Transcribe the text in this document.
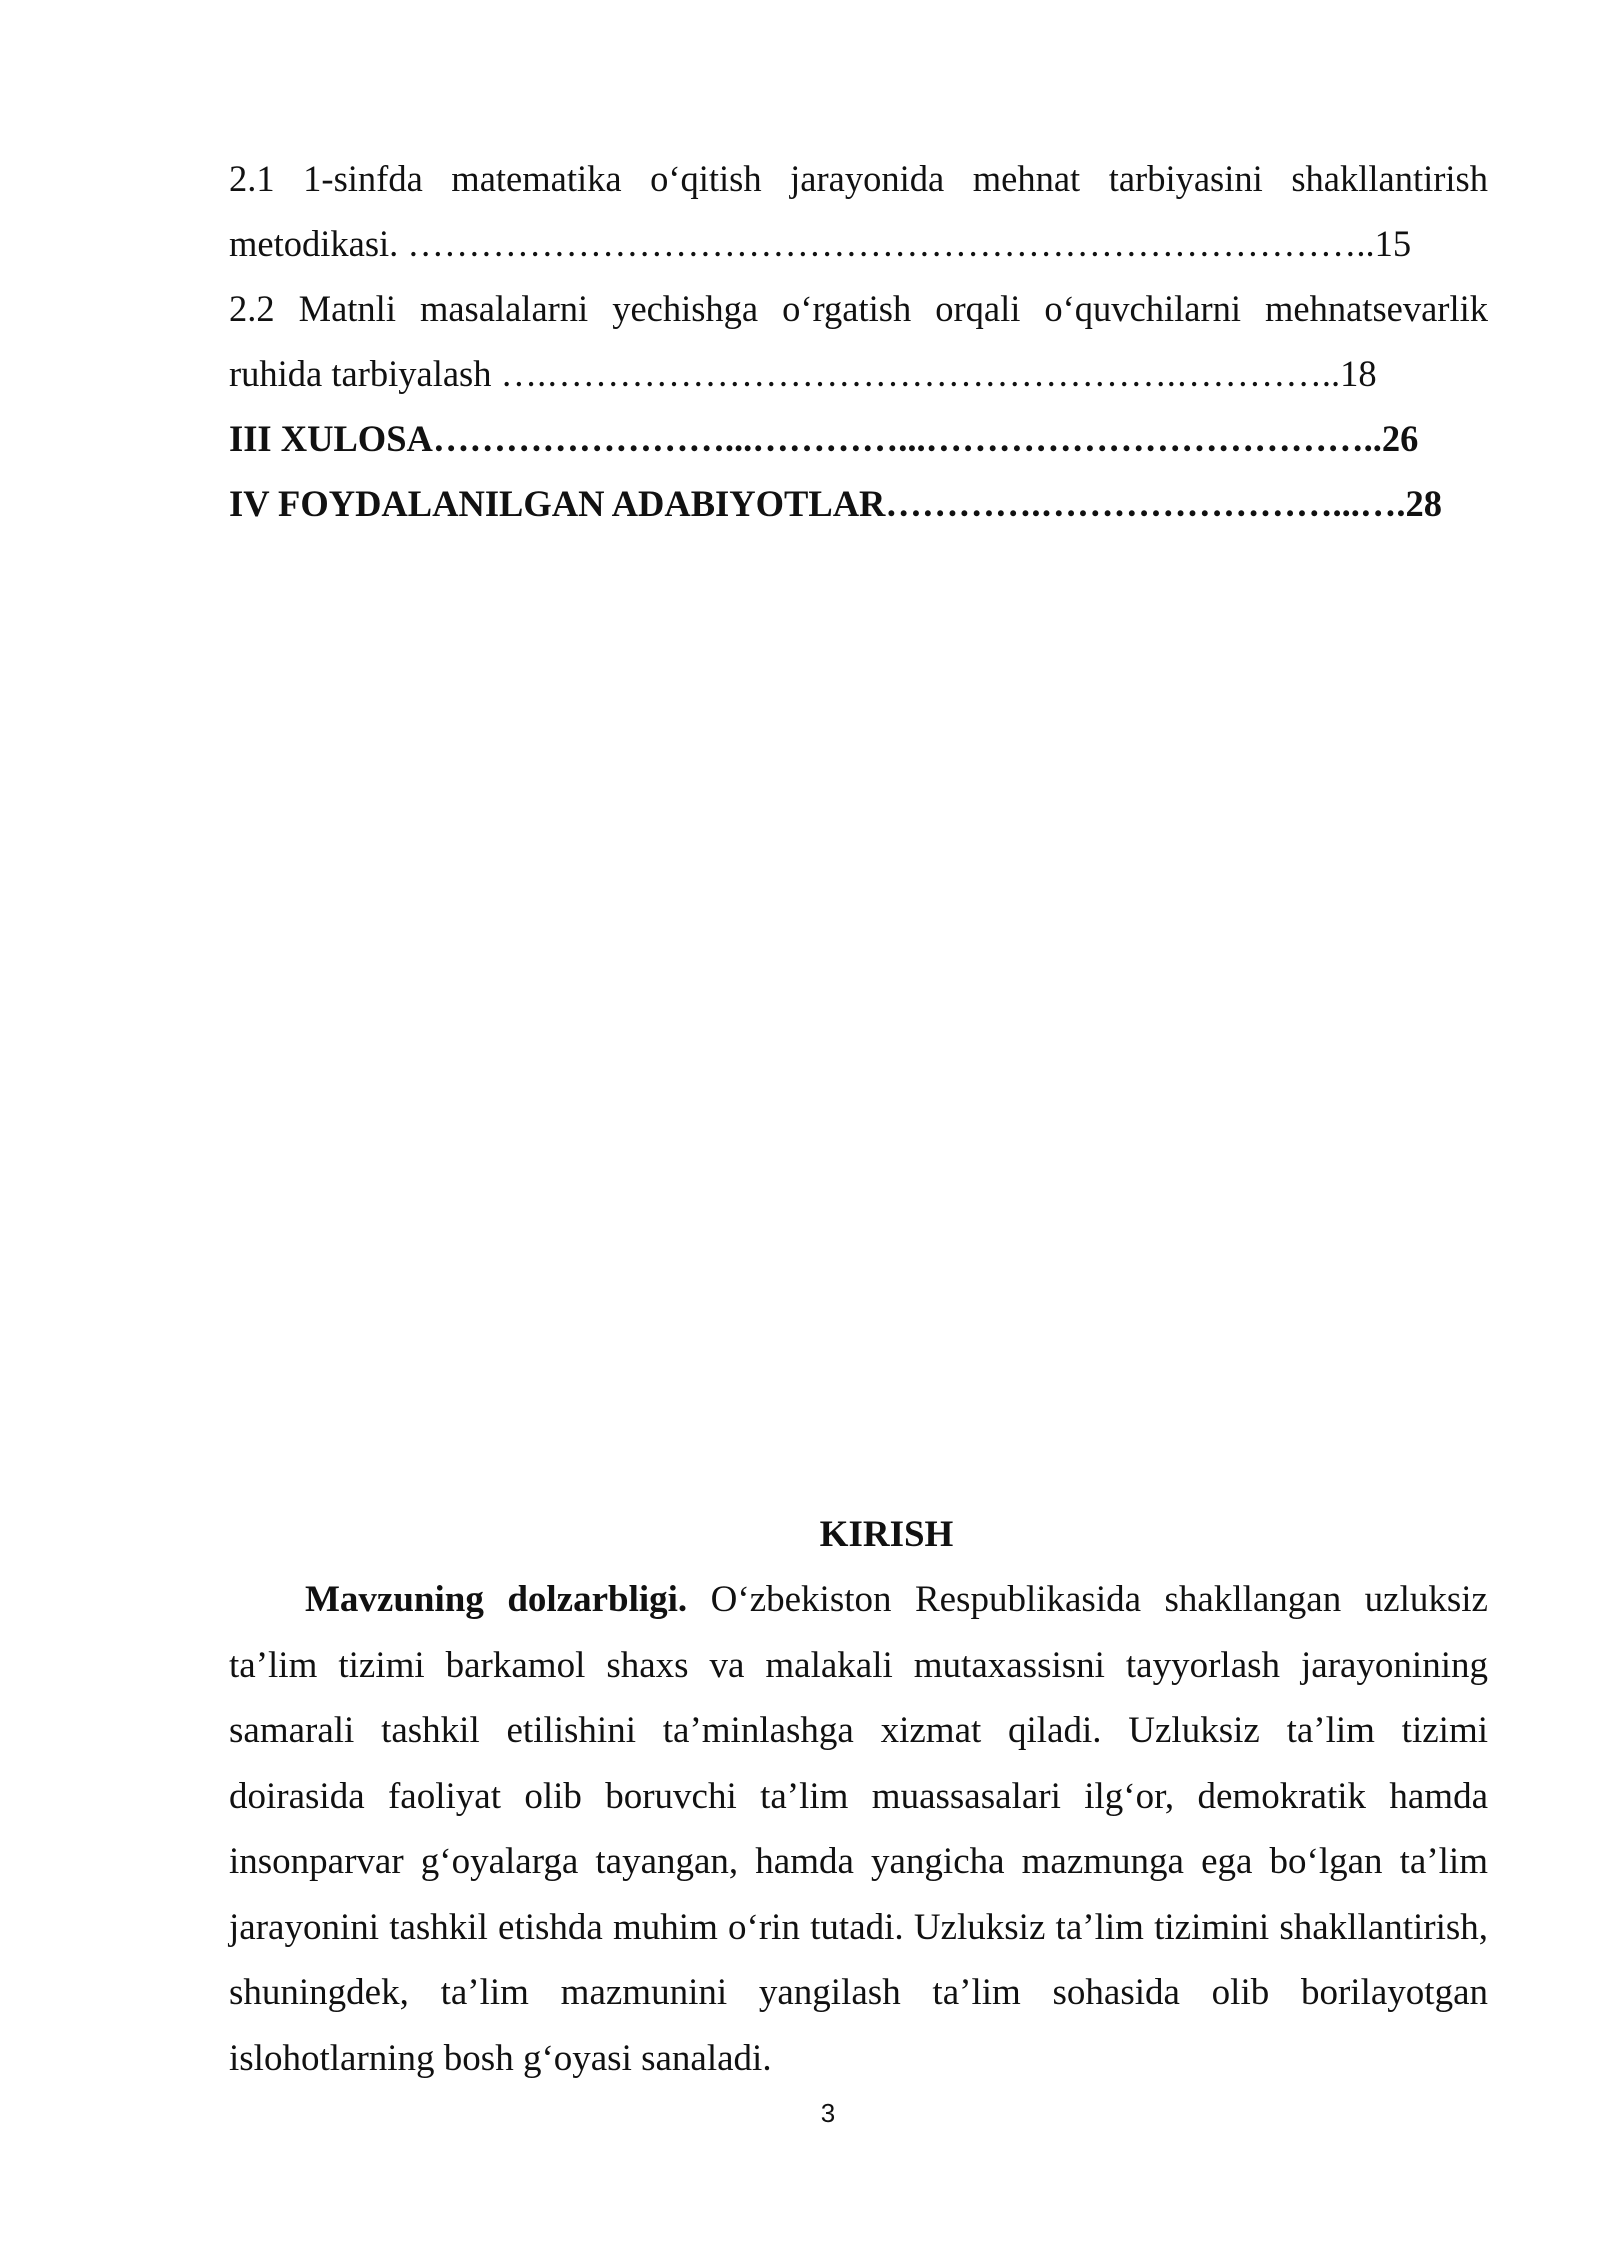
2.1 1-sinfda matematika o‘qitish jarayonida mehnat tarbiyasini shakllantirish
metodikasi. ……………………………………………………………………..15
2.2 Matnli masalalarni yechishga o‘rgatish orqali o‘quvchilarni mehnatsevarlik
ruhida tarbiyalash ….…………………………………………….…………..18
III XULOSA……………………...…………...………………………………..26
IV FOYDALANILGAN ADABIYOTLAR………….……………………...….28
KIRISH

Mavzuning dolzarbligi. O‘zbekiston Respublikasida shakllangan uzluksiz ta’lim tizimi barkamol shaxs va malakali mutaxassisni tayyorlash jarayonining samarali tashkil etilishini ta’minlashga xizmat qiladi. Uzluksiz ta’lim tizimi doirasida faoliyat olib boruvchi ta’lim muassasalari ilg‘or, demokratik hamda insonparvar g‘oyalarga tayangan, hamda yangicha mazmunga ega bo‘lgan ta’lim jarayonini tashkil etishda muhim o‘rin tutadi. Uzluksiz ta’lim tizimini shakllantirish, shuningdek, ta’lim mazmunini yangilash ta’lim sohasida olib borilayotgan islohotlarning bosh g‘oyasi sanaladi.

3
